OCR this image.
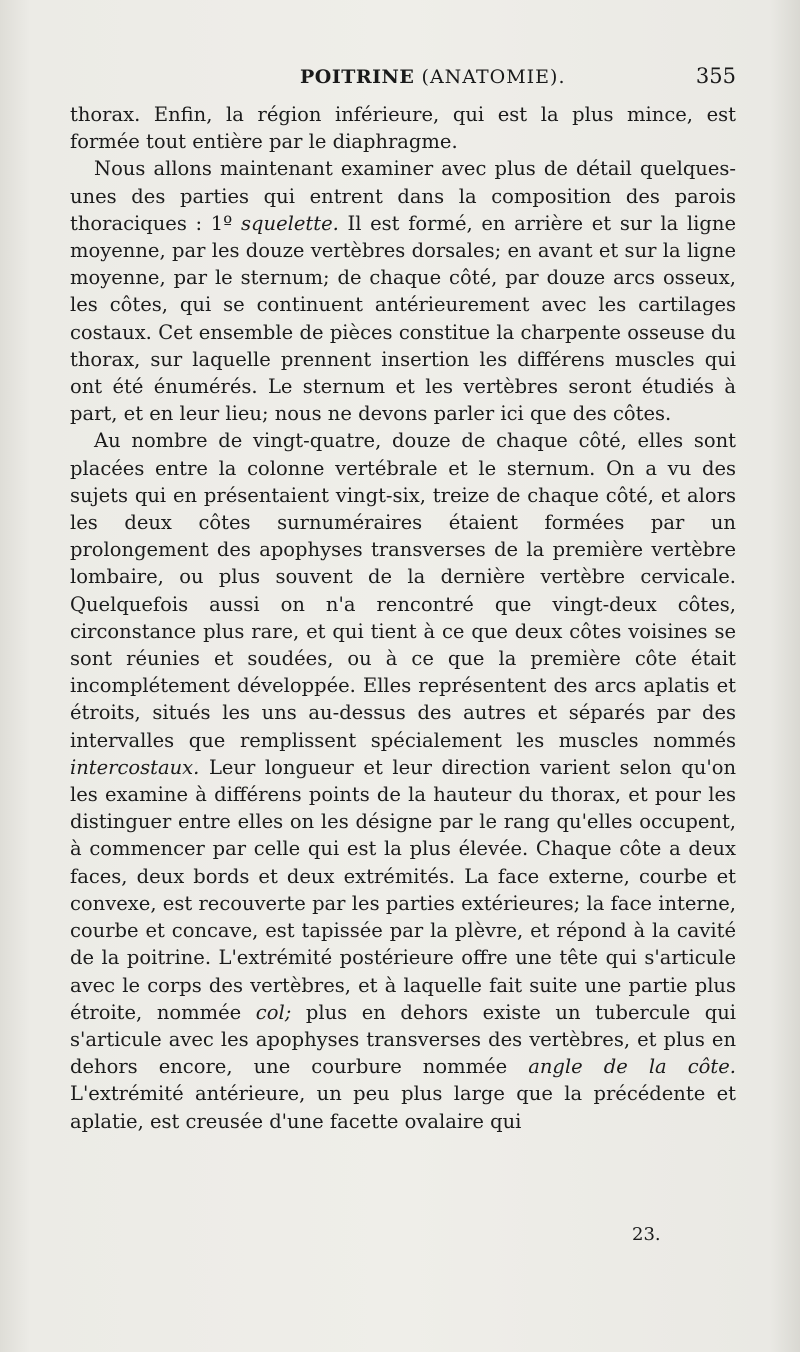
POITRINE (ANATOMIE).	355

thorax. Enfin, la région inférieure, qui est la plus mince, est formée tout entière par le diaphragme.

Nous allons maintenant examiner avec plus de détail quelques-unes des parties qui entrent dans la composition des parois thoraciques : 1º squelette. Il est formé, en arrière et sur la ligne moyenne, par les douze vertèbres dorsales; en avant et sur la ligne moyenne, par le sternum; de chaque côté, par douze arcs osseux, les côtes, qui se continuent antérieurement avec les cartilages costaux. Cet ensemble de pièces constitue la charpente osseuse du thorax, sur laquelle prennent insertion les différens muscles qui ont été énumérés. Le sternum et les vertèbres seront étudiés à part, et en leur lieu; nous ne devons parler ici que des côtes.

Au nombre de vingt-quatre, douze de chaque côté, elles sont placées entre la colonne vertébrale et le sternum. On a vu des sujets qui en présentaient vingt-six, treize de chaque côté, et alors les deux côtes surnuméraires étaient formées par un prolongement des apophyses transverses de la première vertèbre lombaire, ou plus souvent de la dernière vertèbre cervicale. Quelquefois aussi on n'a rencontré que vingt-deux côtes, circonstance plus rare, et qui tient à ce que deux côtes voisines se sont réunies et soudées, ou à ce que la première côte était incomplétement développée. Elles représentent des arcs aplatis et étroits, situés les uns au-dessus des autres et séparés par des intervalles que remplissent spécialement les muscles nommés intercostaux. Leur longueur et leur direction varient selon qu'on les examine à différens points de la hauteur du thorax, et pour les distinguer entre elles on les désigne par le rang qu'elles occupent, à commencer par celle qui est la plus élevée. Chaque côte a deux faces, deux bords et deux extrémités. La face externe, courbe et convexe, est recouverte par les parties extérieures; la face interne, courbe et concave, est tapissée par la plèvre, et répond à la cavité de la poitrine. L'extrémité postérieure offre une tête qui s'articule avec le corps des vertèbres, et à laquelle fait suite une partie plus étroite, nommée col; plus en dehors existe un tubercule qui s'articule avec les apophyses transverses des vertèbres, et plus en dehors encore, une courbure nommée angle de la côte. L'extrémité antérieure, un peu plus large que la précédente et aplatie, est creusée d'une facette ovalaire qui

23.
